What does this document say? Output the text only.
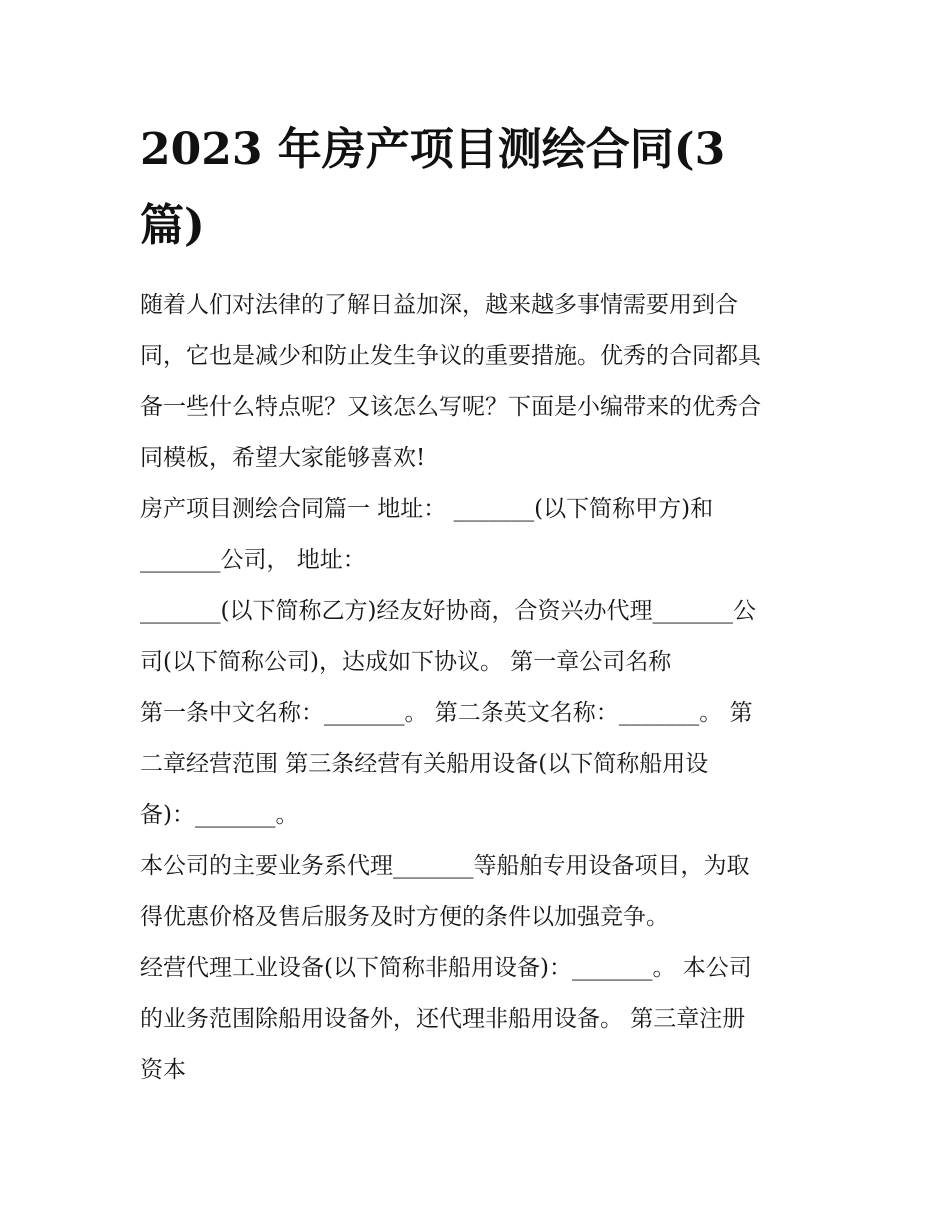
2023 年房产项目测绘合同(3
篇)
随着人们对法律的了解日益加深，越来越多事情需要用到合
同，它也是减少和防止发生争议的重要措施。优秀的合同都具
备一些什么特点呢？又该怎么写呢？下面是小编带来的优秀合
同模板，希望大家能够喜欢!
房产项目测绘合同篇一 地址： _______(以下简称甲方)和
_______公司， 地址：
_______(以下简称乙方)经友好协商，合资兴办代理_______公
司(以下简称公司)，达成如下协议。 第一章公司名称
第一条中文名称：_______。 第二条英文名称：_______。 第
二章经营范围 第三条经营有关船用设备(以下简称船用设
备)：_______。
本公司的主要业务系代理_______等船舶专用设备项目，为取
得优惠价格及售后服务及时方便的条件以加强竞争。
经营代理工业设备(以下简称非船用设备)：_______。 本公司
的业务范围除船用设备外，还代理非船用设备。 第三章注册
资本
